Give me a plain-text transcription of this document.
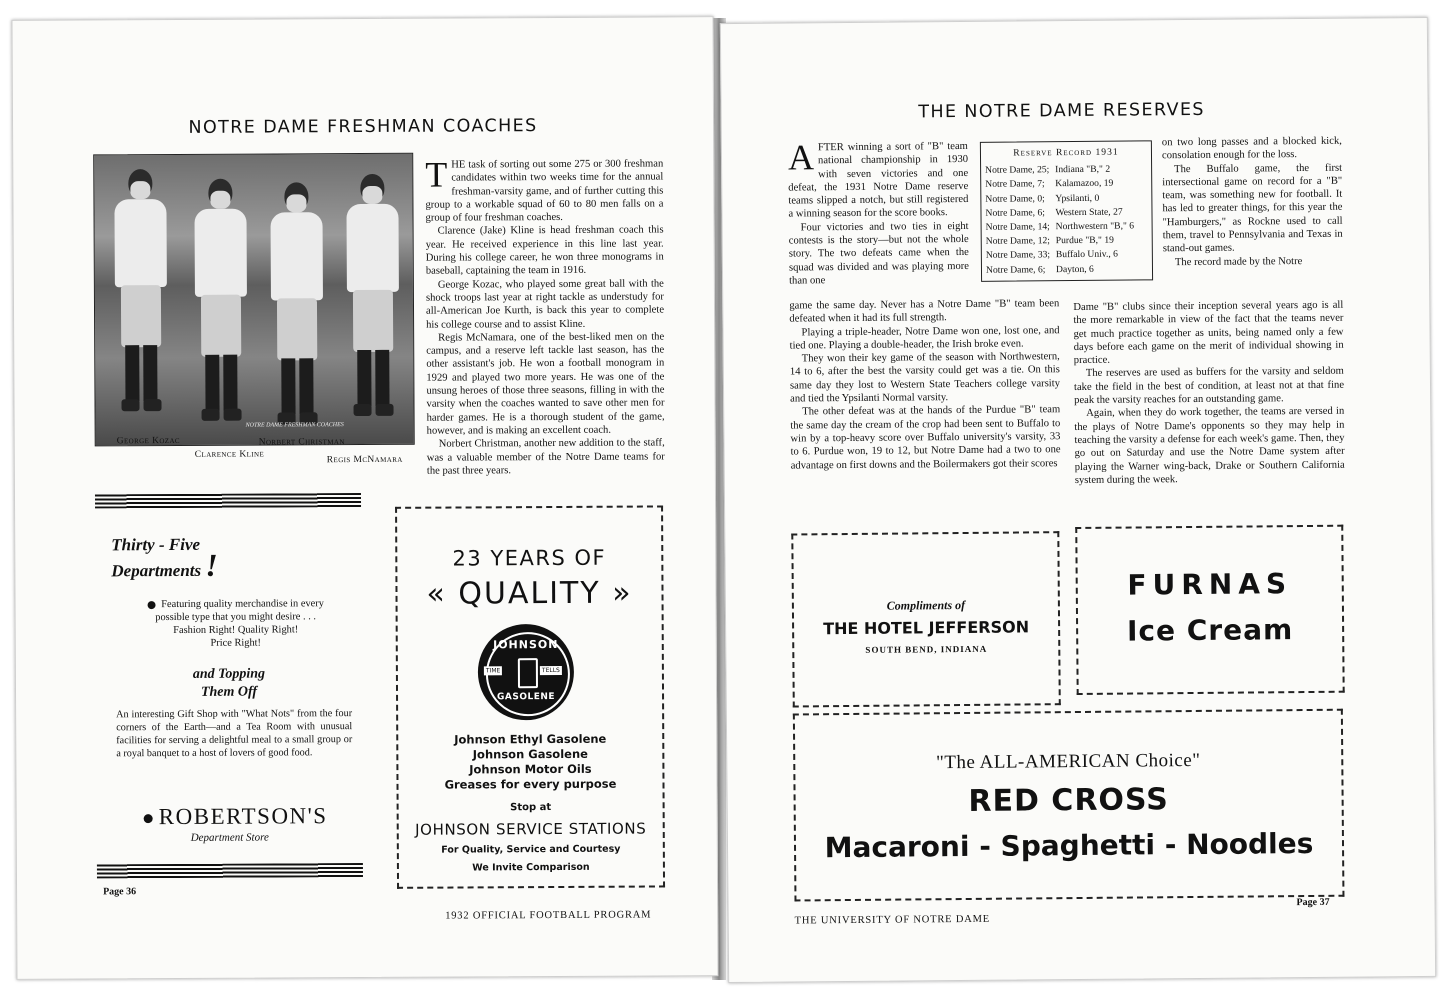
NOTRE DAME FRESHMAN COACHES
NOTRE DAME FRESHMAN COACHES
George Kozac	Norbert Christman
Clarence Kline
Regis McNamara

THE task of sorting out some 275 or 300 freshman candidates within two weeks time for the annual freshman-varsity game, and of further cutting this group to a workable squad of 60 to 80 men falls on a group of four freshman coaches.

Clarence (Jake) Kline is head freshman coach this year. He received experience in this line last year. During his college career, he won three monograms in baseball, captaining the team in 1916.

George Kozac, who played some great ball with the shock troops last year at right tackle as understudy for all-American Joe Kurth, is back this year to complete his college course and to assist Kline.

Regis McNamara, one of the best-liked men on the campus, and a reserve left tackle last season, has the other assistant's job. He won a football monogram in 1929 and played two more years. He was one of the unsung heroes of those three seasons, filling in with the varsity when the coaches wanted to save other men for harder games. He is a thorough student of the game, however, and is making an excellent coach.

Norbert Christman, another new addition to the staff, was a valuable member of the Notre Dame teams for the past three years.

Thirty - Five
Departments !
Featuring quality merchandise in every
possible type that you might desire . . .
Fashion Right! Quality Right!
Price Right!
and Topping
Them Off
An interesting Gift Shop with "What Nots" from the four corners of the Earth—and a Tea Room with unusual facilities for serving a delightful meal to a small group or a royal banquet to a host of lovers of good food.
ROBERTSON'S
Department Store
23 YEARS OF
« QUALITY »
JOHNSON
TIME	TELLS
GASOLENE
Johnson Ethyl Gasolene
Johnson Gasolene
Johnson Motor Oils
Greases for every purpose
Stop at
JOHNSON SERVICE STATIONS
For Quality, Service and Courtesy
We Invite Comparison
Page 36
1932 OFFICIAL FOOTBALL PROGRAM
THE NOTRE DAME RESERVES

AFTER winning a sort of "B" team national championship in 1930 with seven victories and one defeat, the 1931 Notre Dame reserve teams slipped a notch, but still registered a winning season for the score books.

Four victories and two ties in eight contests is the story—but not the whole story. The two defeats came when the squad was divided and was playing more than one

Reserve Record 1931
Notre Dame, 25; Indiana "B," 2
Notre Dame, 7;	Kalamazoo, 19
Notre Dame, 0;	Ypsilanti, 0
Notre Dame, 6;	Western State, 27
Notre Dame, 14; Northwestern "B," 6
Notre Dame, 12; Purdue "B," 19
Notre Dame, 33; Buffalo Univ., 6
Notre Dame, 6;	Dayton, 6

game the same day. Never has a Notre Dame "B" team been defeated when it had its full strength.

Playing a triple-header, Notre Dame won one, lost one, and tied one. Playing a double-header, the Irish broke even.

They won their key game of the season with Northwestern, 14 to 6, after the best the varsity could get was a tie. On this same day they lost to Western State Teachers college varsity and tied the Ypsilanti Normal varsity.

The other defeat was at the hands of the Purdue "B" team the same day the cream of the crop had been sent to Buffalo to win by a top-heavy score over Buffalo university's varsity, 33 to 6. Purdue won, 19 to 12, but Notre Dame had a two to one advantage on first downs and the Boilermakers got their scores

on two long passes and a blocked kick, consolation enough for the loss.

The Buffalo game, the first intersectional game on record for a "B" team, was something new for football. It has led to greater things, for this year the "Hamburgers," as Rockne used to call them, travel to Pennsylvania and Texas in stand-out games.

The record made by the Notre

Dame "B" clubs since their inception several years ago is all the more remarkable in view of the fact that the teams never get much practice together as units, being named only a few days before each game on the merit of individual showing in practice.

The reserves are used as buffers for the varsity and seldom take the field in the best of condition, at least not at that fine peak the varsity reaches for an outstanding game.

Again, when they do work together, the teams are versed in the plays of Notre Dame's opponents so they may help in teaching the varsity a defense for each week's game. Then, they go out on Saturday and use the Notre Dame system after playing the Warner wing-back, Drake or Southern California system during the week.

Compliments of
THE HOTEL JEFFERSON
SOUTH BEND, INDIANA
FURNAS
Ice Cream
"The ALL-AMERICAN Choice"
RED CROSS
Macaroni - Spaghetti - Noodles
Page 37
THE UNIVERSITY OF NOTRE DAME
